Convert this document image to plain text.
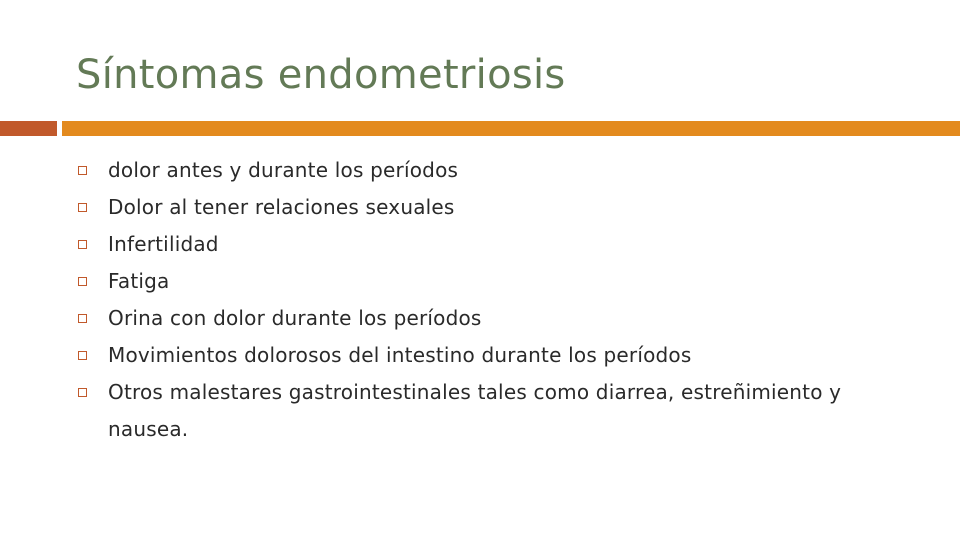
Síntomas endometriosis
dolor antes y durante los períodos
Dolor al tener relaciones sexuales
Infertilidad
Fatiga
Orina con dolor durante los períodos
Movimientos dolorosos del intestino durante los períodos
Otros malestares gastrointestinales tales como diarrea, estreñimiento y nausea.
